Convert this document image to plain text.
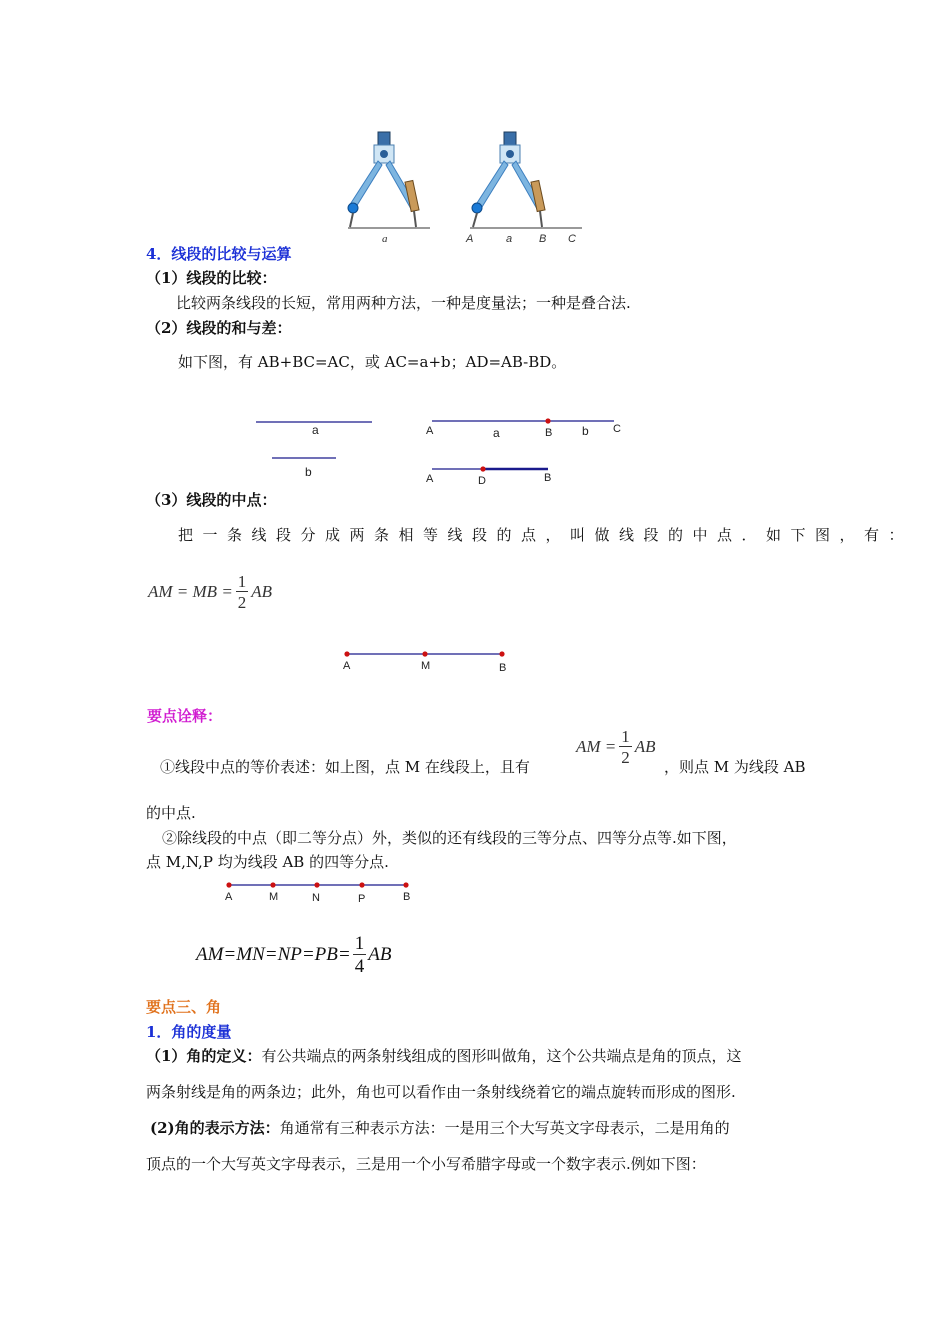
a	A	a B C
4．线段的比较与运算
（1）线段的比较：
比较两条线段的长短，常用两种方法，一种是度量法；一种是叠合法.
（2）线段的和与差：
如下图，有 AB+BC=AC，或 AC=a+b；AD=AB-BD。
a
b
A	a	B b C
A	D	B
（3）线段的中点：
把一条线段分成两条相等线段的点，叫做线段的中点．如下图，有：
AM = MB = $\frac{1}{2}$ AB
A	M	B
要点诠释：
①线段中点的等价表述：如上图，点 M 在线段上，且有
AM = $\frac{1}{2}$ AB
，则点 M 为线段 AB
的中点.
②除线段的中点（即二等分点）外，类似的还有线段的三等分点、四等分点等.如下图，
点 M,N,P 均为线段 AB 的四等分点.
A	M	N	P	B
$AM=MN=NP=PB= \frac{1}{4}$ AB
要点三、角
1．角的度量
（1）角的定义：有公共端点的两条射线组成的图形叫做角，这个公共端点是角的顶点，这
两条射线是角的两条边；此外，角也可以看作由一条射线绕着它的端点旋转而形成的图形.
(2)角的表示方法：角通常有三种表示方法：一是用三个大写英文字母表示，二是用角的
顶点的一个大写英文字母表示，三是用一个小写希腊字母或一个数字表示.例如下图：
